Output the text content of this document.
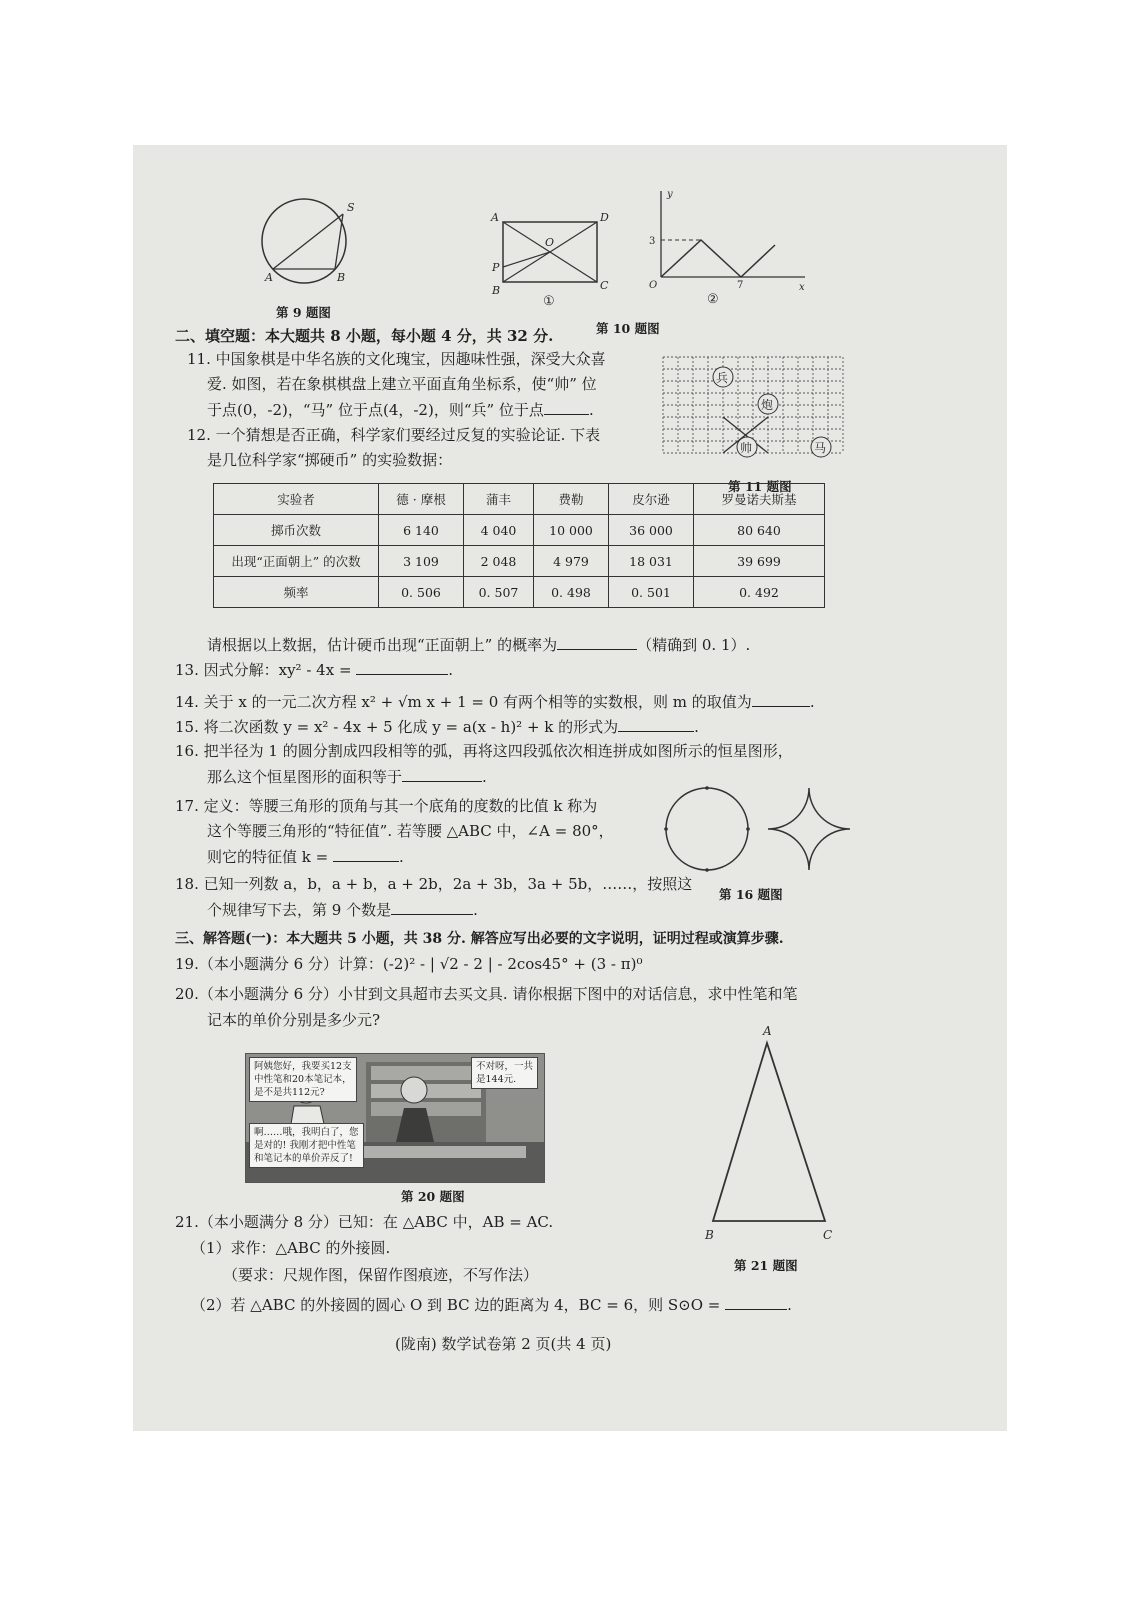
S
A	B
第 9 题图
A	D
O
P
B	C
①
y
3
O	7	x
②
第 10 题图
二、填空题：本大题共 8 小题，每小题 4 分，共 32 分.
11. 中国象棋是中华名族的文化瑰宝，因趣味性强，深受大众喜
爱. 如图，若在象棋棋盘上建立平面直角坐标系，使“帅” 位
于点(0，-2)，“马” 位于点(4，-2)，则“兵” 位于点	.
兵
炮
帅	马
第 11 题图
12. 一个猜想是否正确，科学家们要经过反复的实验论证. 下表
是几位科学家“掷硬币” 的实验数据：
实验者	德 · 摩根	蒲丰	费勒	皮尔逊	罗曼诺夫斯基
掷币次数	6 140	4 040	10 000	36 000	80 640
出现“正面朝上” 的次数	3 109	2 048	4 979	18 031	39 699
频率	0. 506	0. 507	0. 498	0. 501	0. 492
请根据以上数据，估计硬币出现“正面朝上” 的概率为	（精确到 0. 1）.
13. 因式分解：xy² - 4x =	.
14. 关于 x 的一元二次方程 x² + √m x + 1 = 0 有两个相等的实数根，则 m 的取值为	.
15. 将二次函数 y = x² - 4x + 5 化成 y = a(x - h)² + k 的形式为	.
16. 把半径为 1 的圆分割成四段相等的弧，再将这四段弧依次相连拼成如图所示的恒星图形，
那么这个恒星图形的面积等于	.
第 16 题图
17. 定义：等腰三角形的顶角与其一个底角的度数的比值 k 称为
这个等腰三角形的“特征值”. 若等腰 △ABC 中，∠A = 80°，
则它的特征值 k =	.
18. 已知一列数 a，b，a + b，a + 2b，2a + 3b，3a + 5b，……，按照这
个规律写下去，第 9 个数是	.
三、解答题(一)：本大题共 5 小题，共 38 分. 解答应写出必要的文字说明，证明过程或演算步骤.
19.（本小题满分 6 分）计算：(-2)² - | √2 - 2 | - 2cos45° + (3 - π)⁰
20.（本小题满分 6 分）小甘到文具超市去买文具. 请你根据下图中的对话信息，求中性笔和笔
记本的单价分别是多少元?
阿姨您好，我要买12支
中性笔和20本笔记本，
是不是共112元?
不对呀，一共
是144元.
啊……哦，我明白了，您
是对的! 我刚才把中性笔
和笔记本的单价弄反了!
第 20 题图
A
B	C
第 21 题图
21.（本小题满分 8 分）已知：在 △ABC 中，AB = AC.
（1）求作：△ABC 的外接圆.
（要求：尺规作图，保留作图痕迹，不写作法）
（2）若 △ABC 的外接圆的圆心 O 到 BC 边的距离为 4，BC = 6，则 S⊙O =	.
(陇南) 数学试卷第 2 页(共 4 页)
